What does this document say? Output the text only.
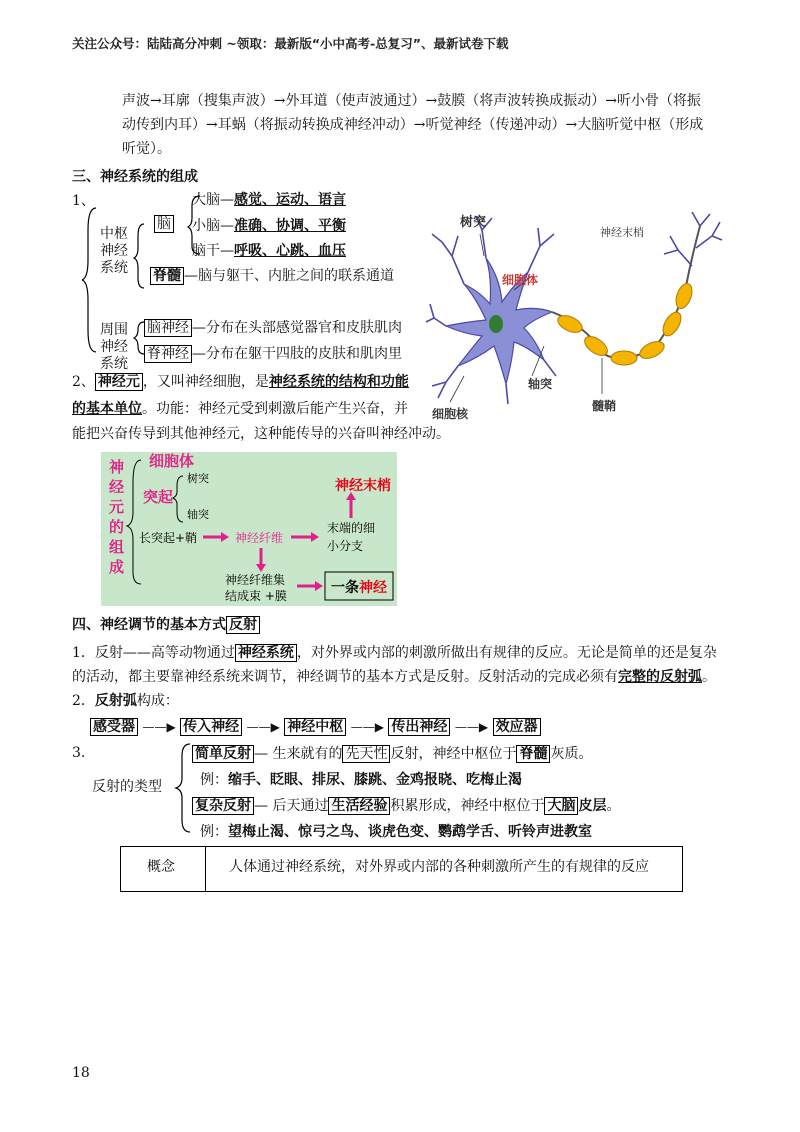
关注公众号：陆陆高分冲刺 ~领取：最新版“小中高考-总复习”、最新试卷下载
声波→耳廓（搜集声波）→外耳道（使声波通过）→鼓膜（将声波转换成振动）→听小骨（将振
动传到内耳）→耳蜗（将振动转换成神经冲动）→听觉神经（传递冲动）→大脑听觉中枢（形成
听觉）。
三、神经系统的组成
1、
中枢
神经
系统
脑
大脑—感觉、运动、语言
小脑—准确、协调、平衡
脑干—呼吸、心跳、血压
脊髓 —脑与躯干、内脏之间的联系通道
周围
神经
系统
脑神经 —分布在头部感觉器官和皮肤肌肉
脊神经 —分布在躯干四肢的皮肤和肌肉里
2、 神经元 ，又叫神经细胞，是神经系统的结构和功能
的基本单位。功能：神经元受到刺激后能产生兴奋，并
能把兴奋传导到其他神经元，这种能传导的兴奋叫神经冲动。
树突
细胞体
轴突
髓鞘
神经末梢
细胞核
神
经
元
的
组
成
细胞体
突起
树突
轴突
长突起+鞘	神经纤维
末端的细
小分支
神经末梢
神经纤维集
结成束 +膜	一条神经
四、神经调节的基本方式 反射
1．反射——高等动物通过 神经系统 ，对外界或内部的刺激所做出有规律的反应。无论是简单的还是复杂
的活动，都主要靠神经系统来调节，神经调节的基本方式是反射。反射活动的完成必须有完整的反射弧。
2．反射弧构成：
感受器 ——▶ 传入神经 ——▶ 神经中枢 ——▶ 传出神经 ——▶ 效应器
3.
反射的类型
简单反射 — 生来就有的 先天性 反射，神经中枢位于 脊髓 灰质。
例：缩手、眨眼、排尿、膝跳、金鸡报晓、吃梅止渴
复杂反射 — 后天通过 生活经验 积累形成，神经中枢位于 大脑 皮层。
例：望梅止渴、惊弓之鸟、谈虎色变、鹦鹉学舌、听铃声进教室
概念	人体通过神经系统，对外界或内部的各种刺激所产生的有规律的反应
18
